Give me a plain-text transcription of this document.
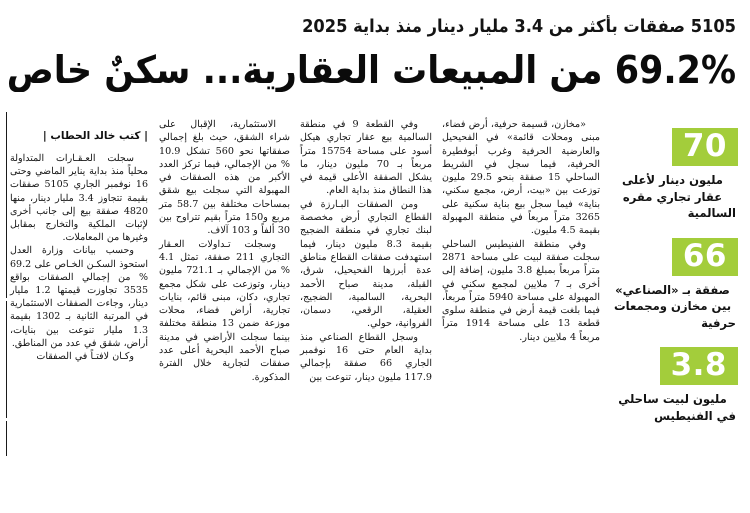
5105 صفقات بأكثر من 3.4 مليار دينار منذ بداية 2025
69.2% من المبيعات العقارية... سكنٌ خاص
70
مليون دينار لأعلى عقار تجاري مقره السالمية
66
صفقة بـ «الصناعي» بين مخازن ومجمعات حرفية
3.8
مليون لبيت ساحلي في الفنيطيس

«مخازن، قسيمة حرفية، أرض فضاء، مبنى ومحلات قائمة» في الفحيحيل والعارضية الحرفية وغرب أبوفطيرة الحرفية، فيما سجل في الشريط الساحلي 15 صفقة بنحو 29.5 مليون توزعت بين «بيت، أرض، مجمع سكني، بناية» فيما سجل بيع بناية سكنية على 3265 متراً مربعاً في منطقة المهبولة بقيمة 4.5 مليون.

وفي منطقة الفنيطيس الساحلي سجلت صفقة لبيت على مساحة 2871 متراً مربعاً بمبلغ 3.8 مليون، إضافة إلى أخرى بـ 7 ملايين لمجمع سكني في المهبولة على مساحة 5940 متراً مربعاً، فيما بلغت قيمة أرض في منطقة سلوى قطعة 13 على مساحة 1914 متراً مربعاً 4 ملايين دينار.

وفي القطعة 9 في منطقة السالمية بيع عقار تجاري هيكل أسود على مساحة 15754 متراً مربعاً بـ 70 مليون دينار، ما يشكل الصفقة الأعلى قيمة في هذا النطاق منذ بداية العام.

ومن الصفقات البـارزة في القطاع التجاري أرض مخصصة لبنك تجاري في منطقة الضجيج بقيمة 8.3 مليون دينار، فيما استهدفت صفقات القطاع مناطق عدة أبرزها الفحيحيل، شرق، القبلة، مدينة صباح الأحمد البحرية، السالمية، الضجيج، العقيلة، الرقعي، دسمان، الفروانية، حولي.

وسجل القطاع الصناعي منذ بداية العام حتى 16 نوفمبر الجاري 66 صفقة بإجمالي 117.9 مليون دينار، تنوعت بين

الاستثمارية، الإقبال على شراء الشقق، حيث بلغ إجمالي صفقاتها نحو 560 تشكل 10.9 % من الإجمالي، فيما تركز العدد الأكبر من هذه الصفقات في المهبولة التي سجلت بيع شقق بمساحات مختلفة بين 58.7 متر مربع و150 متراً بقيم تتراوح بين 30 ألفاً و 103 آلاف.

وسجلت تـداولات العـقار التجاري 211 صفقة، تمثل 4.1 % من الإجمالي بـ 721.1 مليون دينار، وتوزعت على شكل مجمع تجاري، دكان، مبنى قائم، بنايات تجارية، أراض فضاء، محلات موزعة ضمن 13 منطقة مختلفة بينما سجلت الأراضي في مدينة صباح الأحمد البحرية أعلى عدد صفقات لتجارية خلال الفترة المذكورة.

| كتب خالد الحطاب |

سجلت العـقـارات المتداولة محلياً منذ بداية يناير الماضي وحتى 16 نوفمبر الجاري 5105 صفقات بقيمة تتجاوز 3.4 مليار دينار، منها 4820 صفقة بيع إلى جانب أخرى لإثبات الملكية والتخارج بمقابل وغيرها من المعاملات.

وحسب بيانات وزارة العدل استحوذ السكـن الخـاص على 69.2 % من إجمالي الصفقات بواقع 3535 تجاوزت قيمتها 1.2 مليار دينار، وجاءت الصفقات الاستثمارية في المرتبة الثانية بـ 1302 بقيمة 1.3 مليار تنوعت بين بنايات، أراض، شقق في عدد من المناطق.

وكـان لافتـاً في الصفقات
